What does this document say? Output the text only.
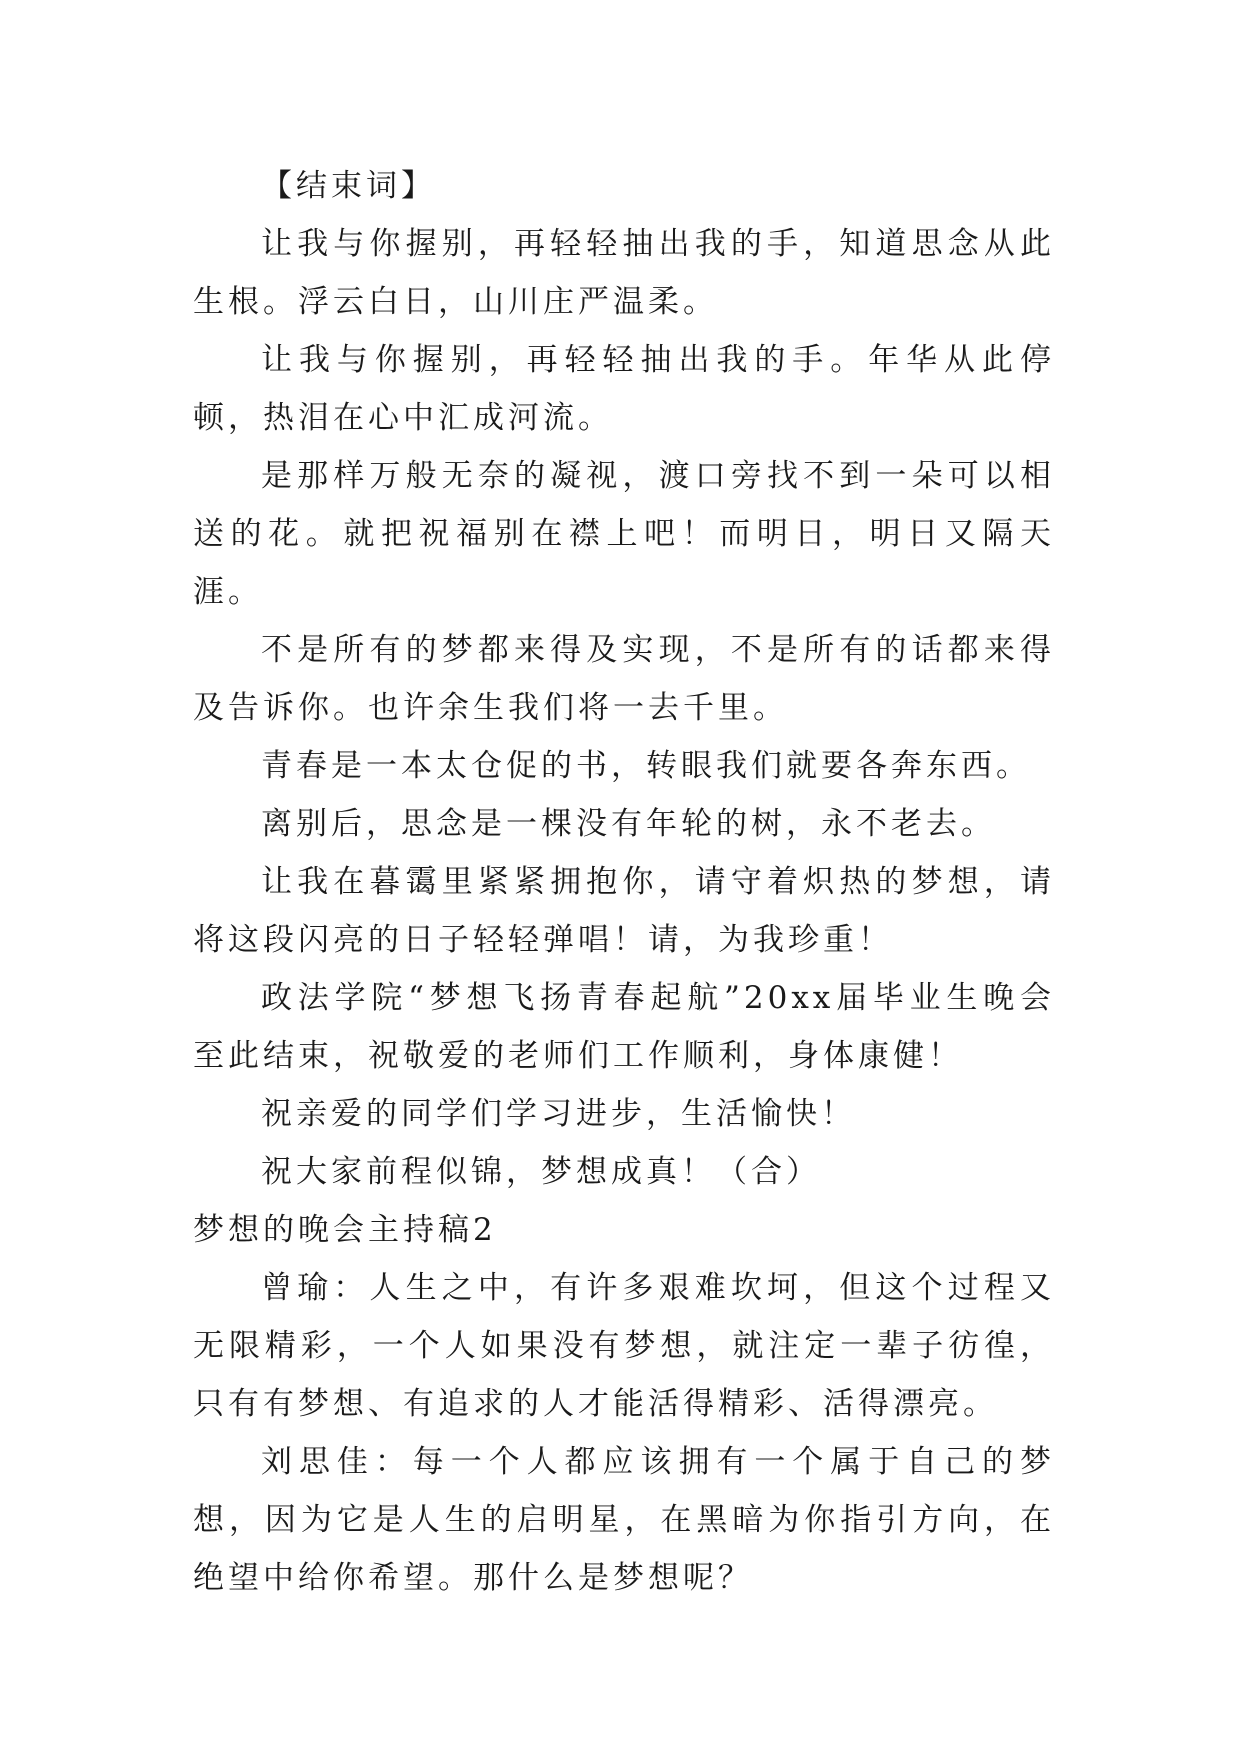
【结束词】

让我与你握别，再轻轻抽出我的手，知道思念从此生根。浮云白日，山川庄严温柔。

让我与你握别，再轻轻抽出我的手。年华从此停顿，热泪在心中汇成河流。

是那样万般无奈的凝视，渡口旁找不到一朵可以相送的花。就把祝福别在襟上吧！而明日，明日又隔天涯。

不是所有的梦都来得及实现，不是所有的话都来得及告诉你。也许余生我们将一去千里。

青春是一本太仓促的书，转眼我们就要各奔东西。

离别后，思念是一棵没有年轮的树，永不老去。

让我在暮霭里紧紧拥抱你，请守着炽热的梦想，请将这段闪亮的日子轻轻弹唱！请，为我珍重！

政法学院“梦想飞扬青春起航”20xx届毕业生晚会至此结束，祝敬爱的老师们工作顺利，身体康健！

祝亲爱的同学们学习进步，生活愉快！

祝大家前程似锦，梦想成真！（合）

梦想的晚会主持稿2

曾瑜：人生之中，有许多艰难坎坷，但这个过程又无限精彩，一个人如果没有梦想，就注定一辈子彷徨，只有有梦想、有追求的人才能活得精彩、活得漂亮。

刘思佳：每一个人都应该拥有一个属于自己的梦想，因为它是人生的启明星，在黑暗为你指引方向，在绝望中给你希望。那什么是梦想呢？
